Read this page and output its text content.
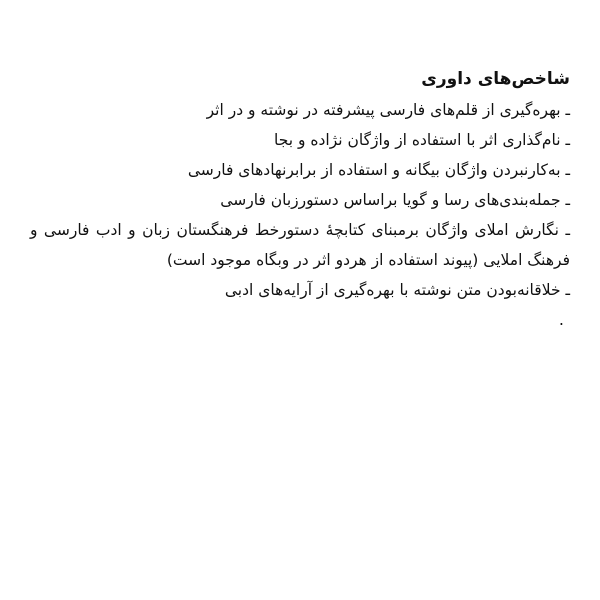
شاخص‌های داوری

ـ بهره‌گیری از قلم‌های فارسی پیشرفته در نوشته و در اثر

ـ نام‌گذاری اثر با استفاده از واژگان نژاده و بجا

ـ به‌کارنبردن واژگان بیگانه و استفاده از برابرنهادهای فارسی

ـ جمله‌بندی‌های رسا و گویا براساس دستورزبان فارسی

ـ نگارش املای واژگان برمبنای کتابچهٔ دستورخط فرهنگستان زبان و ادب فارسی و فرهنگ املایی (پیوند استفاده از هردو اثر در وبگاه موجود است)

ـ خلاقانه‌بودن متن نوشته با بهره‌گیری از آرایه‌های ادبی

.
